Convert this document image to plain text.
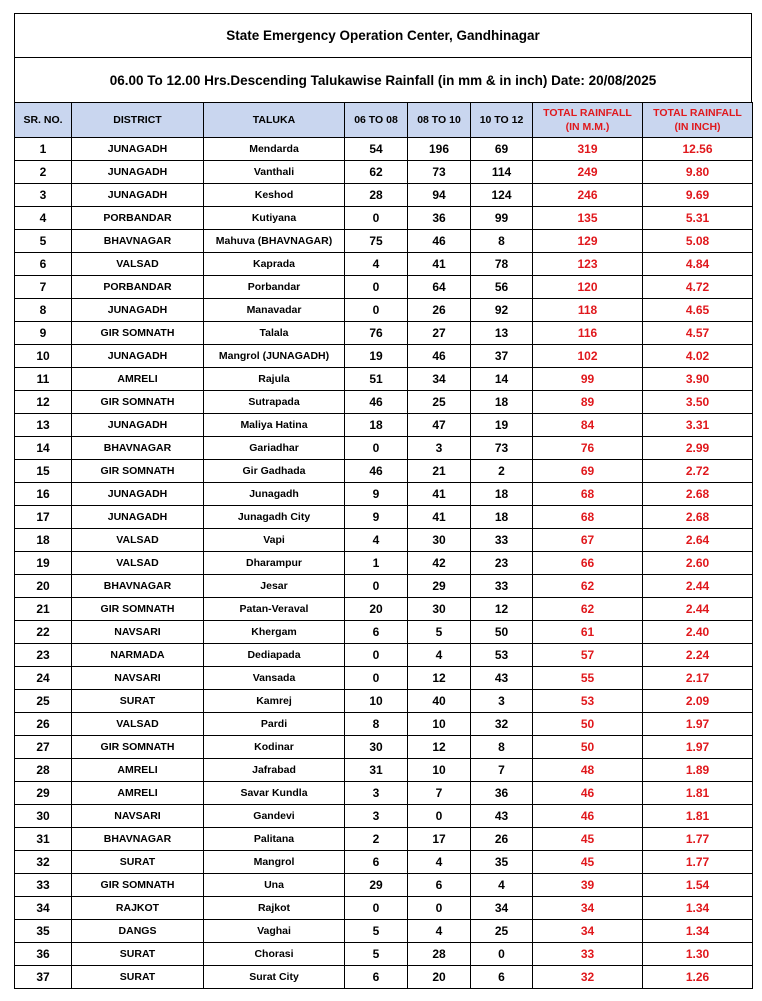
State Emergency Operation Center, Gandhinagar
06.00 To 12.00 Hrs.Descending Talukawise Rainfall (in mm & in inch) Date: 20/08/2025
SR. NO.	DISTRICT	TALUKA	06 TO 08	08 TO 10	10 TO 12	TOTAL RAINFALL
(IN M.M.)	TOTAL RAINFALL
(IN INCH)
1	JUNAGADH	Mendarda	54	196	69	319	12.56
2	JUNAGADH	Vanthali	62	73	114	249	9.80
3	JUNAGADH	Keshod	28	94	124	246	9.69
4	PORBANDAR	Kutiyana	0	36	99	135	5.31
5	BHAVNAGAR	Mahuva (BHAVNAGAR)	75	46	8	129	5.08
6	VALSAD	Kaprada	4	41	78	123	4.84
7	PORBANDAR	Porbandar	0	64	56	120	4.72
8	JUNAGADH	Manavadar	0	26	92	118	4.65
9	GIR SOMNATH	Talala	76	27	13	116	4.57
10	JUNAGADH	Mangrol (JUNAGADH)	19	46	37	102	4.02
11	AMRELI	Rajula	51	34	14	99	3.90
12	GIR SOMNATH	Sutrapada	46	25	18	89	3.50
13	JUNAGADH	Maliya Hatina	18	47	19	84	3.31
14	BHAVNAGAR	Gariadhar	0	3	73	76	2.99
15	GIR SOMNATH	Gir Gadhada	46	21	2	69	2.72
16	JUNAGADH	Junagadh	9	41	18	68	2.68
17	JUNAGADH	Junagadh City	9	41	18	68	2.68
18	VALSAD	Vapi	4	30	33	67	2.64
19	VALSAD	Dharampur	1	42	23	66	2.60
20	BHAVNAGAR	Jesar	0	29	33	62	2.44
21	GIR SOMNATH	Patan-Veraval	20	30	12	62	2.44
22	NAVSARI	Khergam	6	5	50	61	2.40
23	NARMADA	Dediapada	0	4	53	57	2.24
24	NAVSARI	Vansada	0	12	43	55	2.17
25	SURAT	Kamrej	10	40	3	53	2.09
26	VALSAD	Pardi	8	10	32	50	1.97
27	GIR SOMNATH	Kodinar	30	12	8	50	1.97
28	AMRELI	Jafrabad	31	10	7	48	1.89
29	AMRELI	Savar Kundla	3	7	36	46	1.81
30	NAVSARI	Gandevi	3	0	43	46	1.81
31	BHAVNAGAR	Palitana	2	17	26	45	1.77
32	SURAT	Mangrol	6	4	35	45	1.77
33	GIR SOMNATH	Una	29	6	4	39	1.54
34	RAJKOT	Rajkot	0	0	34	34	1.34
35	DANGS	Vaghai	5	4	25	34	1.34
36	SURAT	Chorasi	5	28	0	33	1.30
37	SURAT	Surat City	6	20	6	32	1.26
